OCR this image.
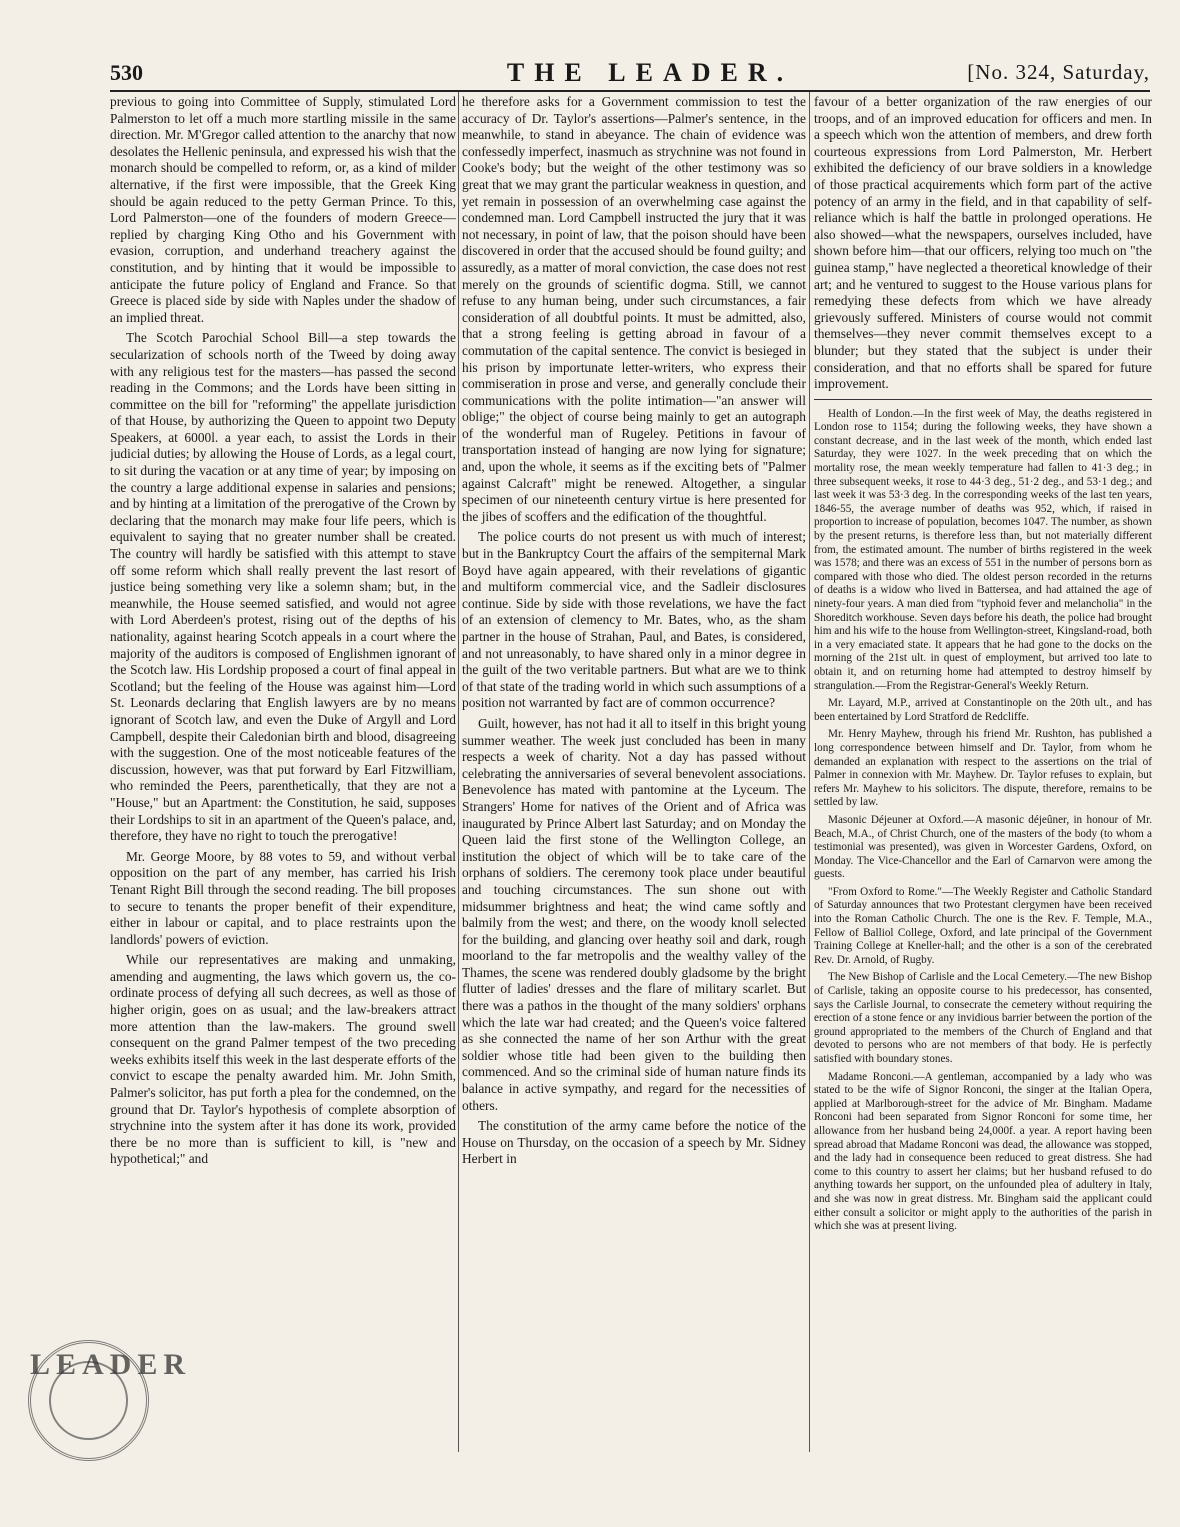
530	THE LEADER.	[No. 324, Saturday,

previous to going into Committee of Supply, stimulated Lord Palmerston to let off a much more startling missile in the same direction. Mr. M'Gregor called attention to the anarchy that now desolates the Hellenic peninsula, and expressed his wish that the monarch should be compelled to reform, or, as a kind of milder alternative, if the first were impossible, that the Greek King should be again reduced to the petty German Prince. To this, Lord Palmerston—one of the founders of modern Greece—replied by charging King Otho and his Government with evasion, corruption, and underhand treachery against the constitution, and by hinting that it would be impossible to anticipate the future policy of England and France. So that Greece is placed side by side with Naples under the shadow of an implied threat.

The Scotch Parochial School Bill—a step towards the secularization of schools north of the Tweed by doing away with any religious test for the masters—has passed the second reading in the Commons; and the Lords have been sitting in committee on the bill for "reforming" the appellate jurisdiction of that House, by authorizing the Queen to appoint two Deputy Speakers, at 6000l. a year each, to assist the Lords in their judicial duties; by allowing the House of Lords, as a legal court, to sit during the vacation or at any time of year; by imposing on the country a large additional expense in salaries and pensions; and by hinting at a limitation of the prerogative of the Crown by declaring that the monarch may make four life peers, which is equivalent to saying that no greater number shall be created. The country will hardly be satisfied with this attempt to stave off some reform which shall really prevent the last resort of justice being something very like a solemn sham; but, in the meanwhile, the House seemed satisfied, and would not agree with Lord Aberdeen's protest, rising out of the depths of his nationality, against hearing Scotch appeals in a court where the majority of the auditors is composed of Englishmen ignorant of the Scotch law. His Lordship proposed a court of final appeal in Scotland; but the feeling of the House was against him—Lord St. Leonards declaring that English lawyers are by no means ignorant of Scotch law, and even the Duke of Argyll and Lord Campbell, despite their Caledonian birth and blood, disagreeing with the suggestion. One of the most noticeable features of the discussion, however, was that put forward by Earl Fitzwilliam, who reminded the Peers, parenthetically, that they are not a "House," but an Apartment: the Constitution, he said, supposes their Lordships to sit in an apartment of the Queen's palace, and, therefore, they have no right to touch the prerogative!

Mr. George Moore, by 88 votes to 59, and without verbal opposition on the part of any member, has carried his Irish Tenant Right Bill through the second reading. The bill proposes to secure to tenants the proper benefit of their expenditure, either in labour or capital, and to place restraints upon the landlords' powers of eviction.

While our representatives are making and unmaking, amending and augmenting, the laws which govern us, the co-ordinate process of defying all such decrees, as well as those of higher origin, goes on as usual; and the law-breakers attract more attention than the law-makers. The ground swell consequent on the grand Palmer tempest of the two preceding weeks exhibits itself this week in the last desperate efforts of the convict to escape the penalty awarded him. Mr. John Smith, Palmer's solicitor, has put forth a plea for the condemned, on the ground that Dr. Taylor's hypothesis of complete absorption of strychnine into the system after it has done its work, provided there be no more than is sufficient to kill, is "new and hypothetical;" and

he therefore asks for a Government commission to test the accuracy of Dr. Taylor's assertions—Palmer's sentence, in the meanwhile, to stand in abeyance. The chain of evidence was confessedly imperfect, inasmuch as strychnine was not found in Cooke's body; but the weight of the other testimony was so great that we may grant the particular weakness in question, and yet remain in possession of an overwhelming case against the condemned man. Lord Campbell instructed the jury that it was not necessary, in point of law, that the poison should have been discovered in order that the accused should be found guilty; and assuredly, as a matter of moral conviction, the case does not rest merely on the grounds of scientific dogma. Still, we cannot refuse to any human being, under such circumstances, a fair consideration of all doubtful points. It must be admitted, also, that a strong feeling is getting abroad in favour of a commutation of the capital sentence. The convict is besieged in his prison by importunate letter-writers, who express their commiseration in prose and verse, and generally conclude their communications with the polite intimation—"an answer will oblige;" the object of course being mainly to get an autograph of the wonderful man of Rugeley. Petitions in favour of transportation instead of hanging are now lying for signature; and, upon the whole, it seems as if the exciting bets of "Palmer against Calcraft" might be renewed. Altogether, a singular specimen of our nineteenth century virtue is here presented for the jibes of scoffers and the edification of the thoughtful.

The police courts do not present us with much of interest; but in the Bankruptcy Court the affairs of the sempiternal Mark Boyd have again appeared, with their revelations of gigantic and multiform commercial vice, and the Sadleir disclosures continue. Side by side with those revelations, we have the fact of an extension of clemency to Mr. Bates, who, as the sham partner in the house of Strahan, Paul, and Bates, is considered, and not unreasonably, to have shared only in a minor degree in the guilt of the two veritable partners. But what are we to think of that state of the trading world in which such assumptions of a position not warranted by fact are of common occurrence?

Guilt, however, has not had it all to itself in this bright young summer weather. The week just concluded has been in many respects a week of charity. Not a day has passed without celebrating the anniversaries of several benevolent associations. Benevolence has mated with pantomine at the Lyceum. The Strangers' Home for natives of the Orient and of Africa was inaugurated by Prince Albert last Saturday; and on Monday the Queen laid the first stone of the Wellington College, an institution the object of which will be to take care of the orphans of soldiers. The ceremony took place under beautiful and touching circumstances. The sun shone out with midsummer brightness and heat; the wind came softly and balmily from the west; and there, on the woody knoll selected for the building, and glancing over heathy soil and dark, rough moorland to the far metropolis and the wealthy valley of the Thames, the scene was rendered doubly gladsome by the bright flutter of ladies' dresses and the flare of military scarlet. But there was a pathos in the thought of the many soldiers' orphans which the late war had created; and the Queen's voice faltered as she connected the name of her son Arthur with the great soldier whose title had been given to the building then commenced. And so the criminal side of human nature finds its balance in active sympathy, and regard for the necessities of others.

The constitution of the army came before the notice of the House on Thursday, on the occasion of a speech by Mr. Sidney Herbert in

favour of a better organization of the raw energies of our troops, and of an improved education for officers and men. In a speech which won the attention of members, and drew forth courteous expressions from Lord Palmerston, Mr. Herbert exhibited the deficiency of our brave soldiers in a knowledge of those practical acquirements which form part of the active potency of an army in the field, and in that capability of self-reliance which is half the battle in prolonged operations. He also showed—what the newspapers, ourselves included, have shown before him—that our officers, relying too much on "the guinea stamp," have neglected a theoretical knowledge of their art; and he ventured to suggest to the House various plans for remedying these defects from which we have already grievously suffered. Ministers of course would not commit themselves—they never commit themselves except to a blunder; but they stated that the subject is under their consideration, and that no efforts shall be spared for future improvement.

Health of London.—In the first week of May, the deaths registered in London rose to 1154; during the following weeks, they have shown a constant decrease, and in the last week of the month, which ended last Saturday, they were 1027. In the week preceding that on which the mortality rose, the mean weekly temperature had fallen to 41·3 deg.; in three subsequent weeks, it rose to 44·3 deg., 51·2 deg., and 53·1 deg.; and last week it was 53·3 deg. In the corresponding weeks of the last ten years, 1846-55, the average number of deaths was 952, which, if raised in proportion to increase of population, becomes 1047. The number, as shown by the present returns, is therefore less than, but not materially different from, the estimated amount. The number of births registered in the week was 1578; and there was an excess of 551 in the number of persons born as compared with those who died. The oldest person recorded in the returns of deaths is a widow who lived in Battersea, and had attained the age of ninety-four years. A man died from "typhoid fever and melancholia" in the Shoreditch workhouse. Seven days before his death, the police had brought him and his wife to the house from Wellington-street, Kingsland-road, both in a very emaciated state. It appears that he had gone to the docks on the morning of the 21st ult. in quest of employment, but arrived too late to obtain it, and on returning home had attempted to destroy himself by strangulation.—From the Registrar-General's Weekly Return.

Mr. Layard, M.P., arrived at Constantinople on the 20th ult., and has been entertained by Lord Stratford de Redcliffe.

Mr. Henry Mayhew, through his friend Mr. Rushton, has published a long correspondence between himself and Dr. Taylor, from whom he demanded an explanation with respect to the assertions on the trial of Palmer in connexion with Mr. Mayhew. Dr. Taylor refuses to explain, but refers Mr. Mayhew to his solicitors. The dispute, therefore, remains to be settled by law.

Masonic Déjeuner at Oxford.—A masonic déjeûner, in honour of Mr. Beach, M.A., of Christ Church, one of the masters of the body (to whom a testimonial was presented), was given in Worcester Gardens, Oxford, on Monday. The Vice-Chancellor and the Earl of Carnarvon were among the guests.

"From Oxford to Rome."—The Weekly Register and Catholic Standard of Saturday announces that two Protestant clergymen have been received into the Roman Catholic Church. The one is the Rev. F. Temple, M.A., Fellow of Balliol College, Oxford, and late principal of the Government Training College at Kneller-hall; and the other is a son of the cerebrated Rev. Dr. Arnold, of Rugby.

The New Bishop of Carlisle and the Local Cemetery.—The new Bishop of Carlisle, taking an opposite course to his predecessor, has consented, says the Carlisle Journal, to consecrate the cemetery without requiring the erection of a stone fence or any invidious barrier between the portion of the ground appropriated to the members of the Church of England and that devoted to persons who are not members of that body. He is perfectly satisfied with boundary stones.

Madame Ronconi.—A gentleman, accompanied by a lady who was stated to be the wife of Signor Ronconi, the singer at the Italian Opera, applied at Marlborough-street for the advice of Mr. Bingham. Madame Ronconi had been separated from Signor Ronconi for some time, her allowance from her husband being 24,000f. a year. A report having been spread abroad that Madame Ronconi was dead, the allowance was stopped, and the lady had in consequence been reduced to great distress. She had come to this country to assert her claims; but her husband refused to do anything towards her support, on the unfounded plea of adultery in Italy, and she was now in great distress. Mr. Bingham said the applicant could either consult a solicitor or might apply to the authorities of the parish in which she was at present living.

LEADER
